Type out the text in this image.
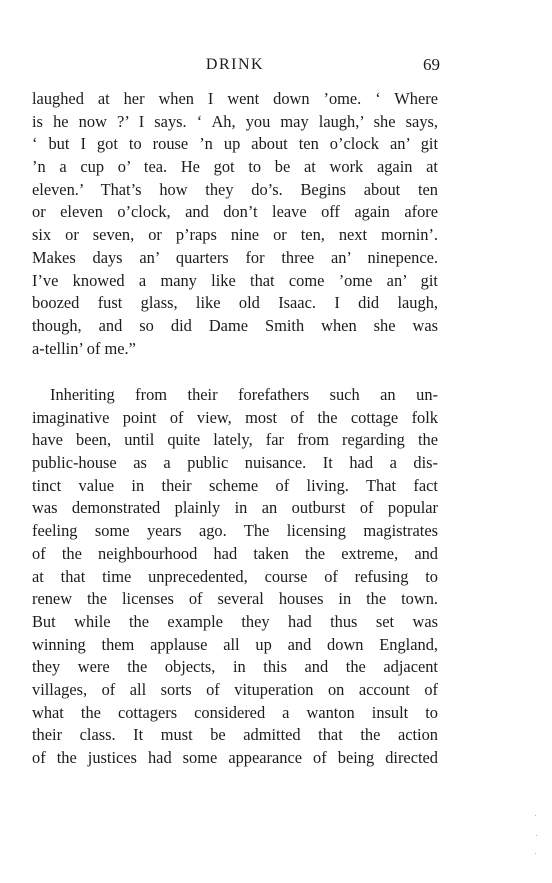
DRINK	69
laughed at her when I went down ’ome. ‘ Where
is he now ?’ I says. ‘ Ah, you may laugh,’ she says,
‘ but I got to rouse ’n up about ten o’clock an’ git
’n a cup o’ tea. He got to be at work again at
eleven.’ That’s how they do’s. Begins about ten
or eleven o’clock, and don’t leave off again afore
six or seven, or p’raps nine or ten, next mornin’.
Makes days an’ quarters for three an’ ninepence.
I’ve knowed a many like that come ’ome an’ git
boozed fust glass, like old Isaac. I did laugh,
though, and so did Dame Smith when she was
a-tellin’ of me.”
Inheriting from their forefathers such an un-
imaginative point of view, most of the cottage folk
have been, until quite lately, far from regarding the
public-house as a public nuisance. It had a dis-
tinct value in their scheme of living. That fact
was demonstrated plainly in an outburst of popular
feeling some years ago. The licensing magistrates
of the neighbourhood had taken the extreme, and
at that time unprecedented, course of refusing to
renew the licenses of several houses in the town.
But while the example they had thus set was
winning them applause all up and down England,
they were the objects, in this and the adjacent
villages, of all sorts of vituperation on account of
what the cottagers considered a wanton insult to
their class. It must be admitted that the action
of the justices had some appearance of being directed
